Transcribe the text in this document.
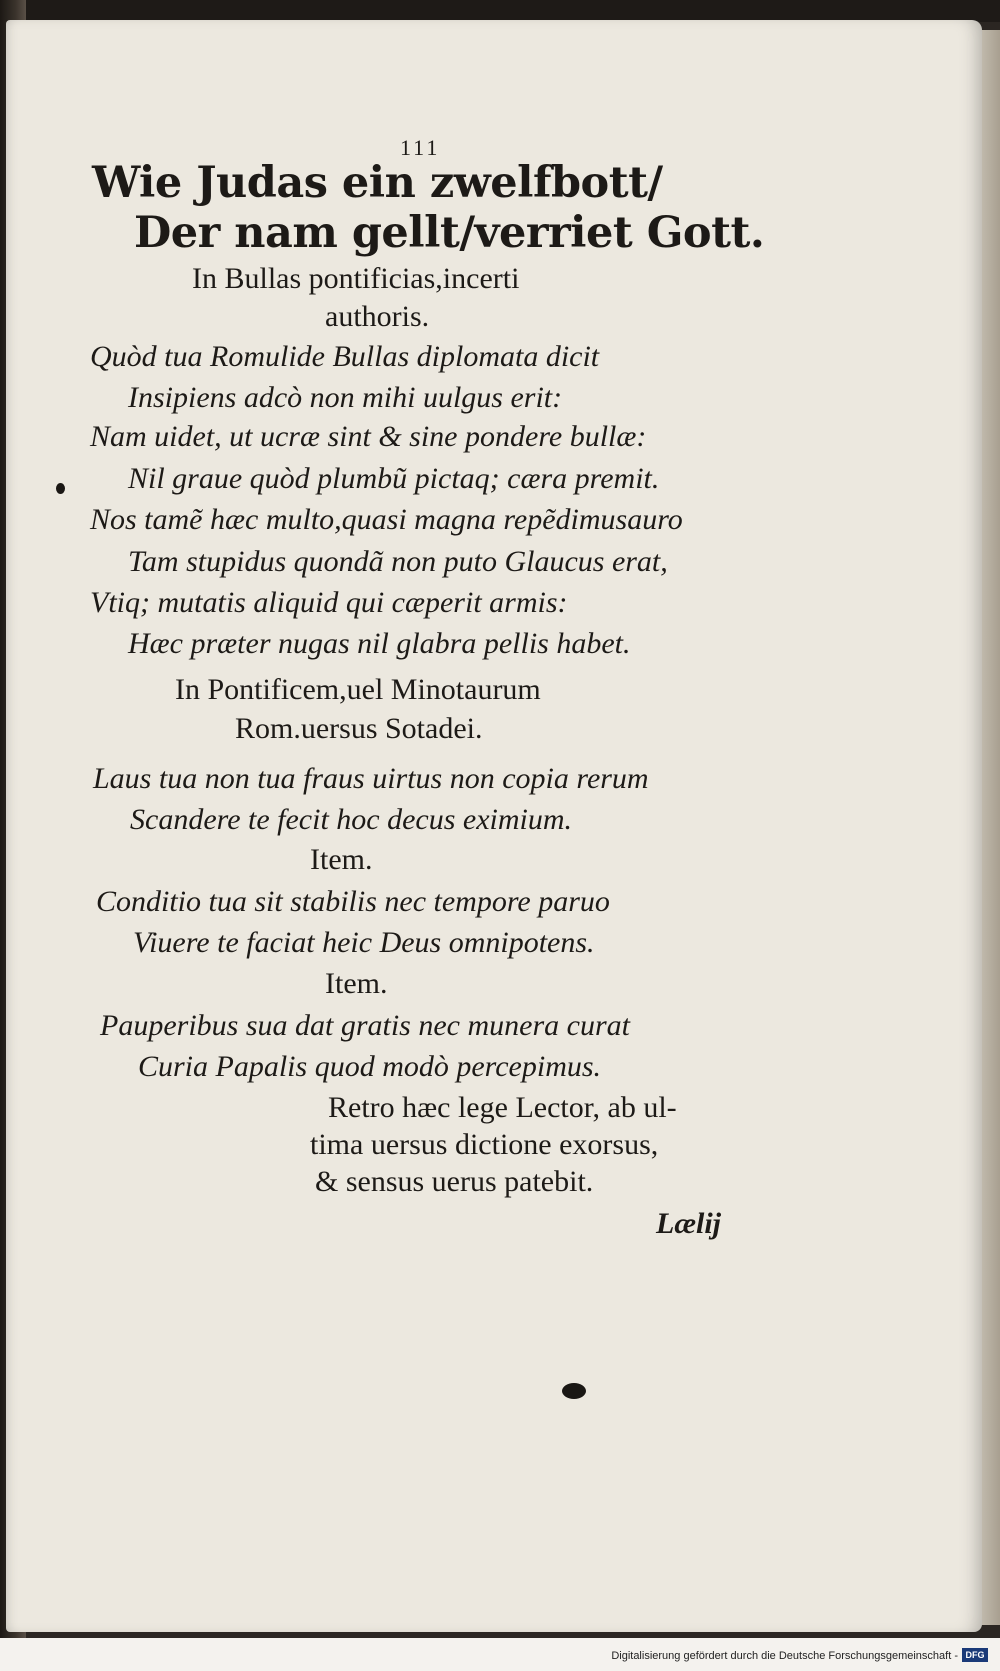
111

Wie Judas ein zwelfbott/

Der nam gellt/verriet Gott.

In Bullas pontificias,incerti

authoris.

Quòd tua Romulide Bullas diplomata dicit

Insipiens adcò non mihi uulgus erit:

Nam uidet, ut ucræ sint & sine pondere bullæ:

Nil graue quòd plumbũ pictaq; cæra premit.

Nos tamẽ hæc multo,quasi magna repẽdimusauro

Tam stupidus quondã non puto Glaucus erat,

Vtiq; mutatis aliquid qui cæperit armis:

Hæc præter nugas nil glabra pellis habet.

In Pontificem,uel Minotaurum

Rom.uersus Sotadei.

Laus tua non tua fraus uirtus non copia rerum

Scandere te fecit hoc decus eximium.

Item.

Conditio tua sit stabilis nec tempore paruo

Viuere te faciat heic Deus omnipotens.

Item.

Pauperibus sua dat gratis nec munera curat

Curia Papalis quod modò percepimus.

Retro hæc lege Lector, ab ul-

tima uersus dictione exorsus,

& sensus uerus patebit.

Lælij

Digitalisierung gefördert durch die Deutsche Forschungsgemeinschaft - DFG
